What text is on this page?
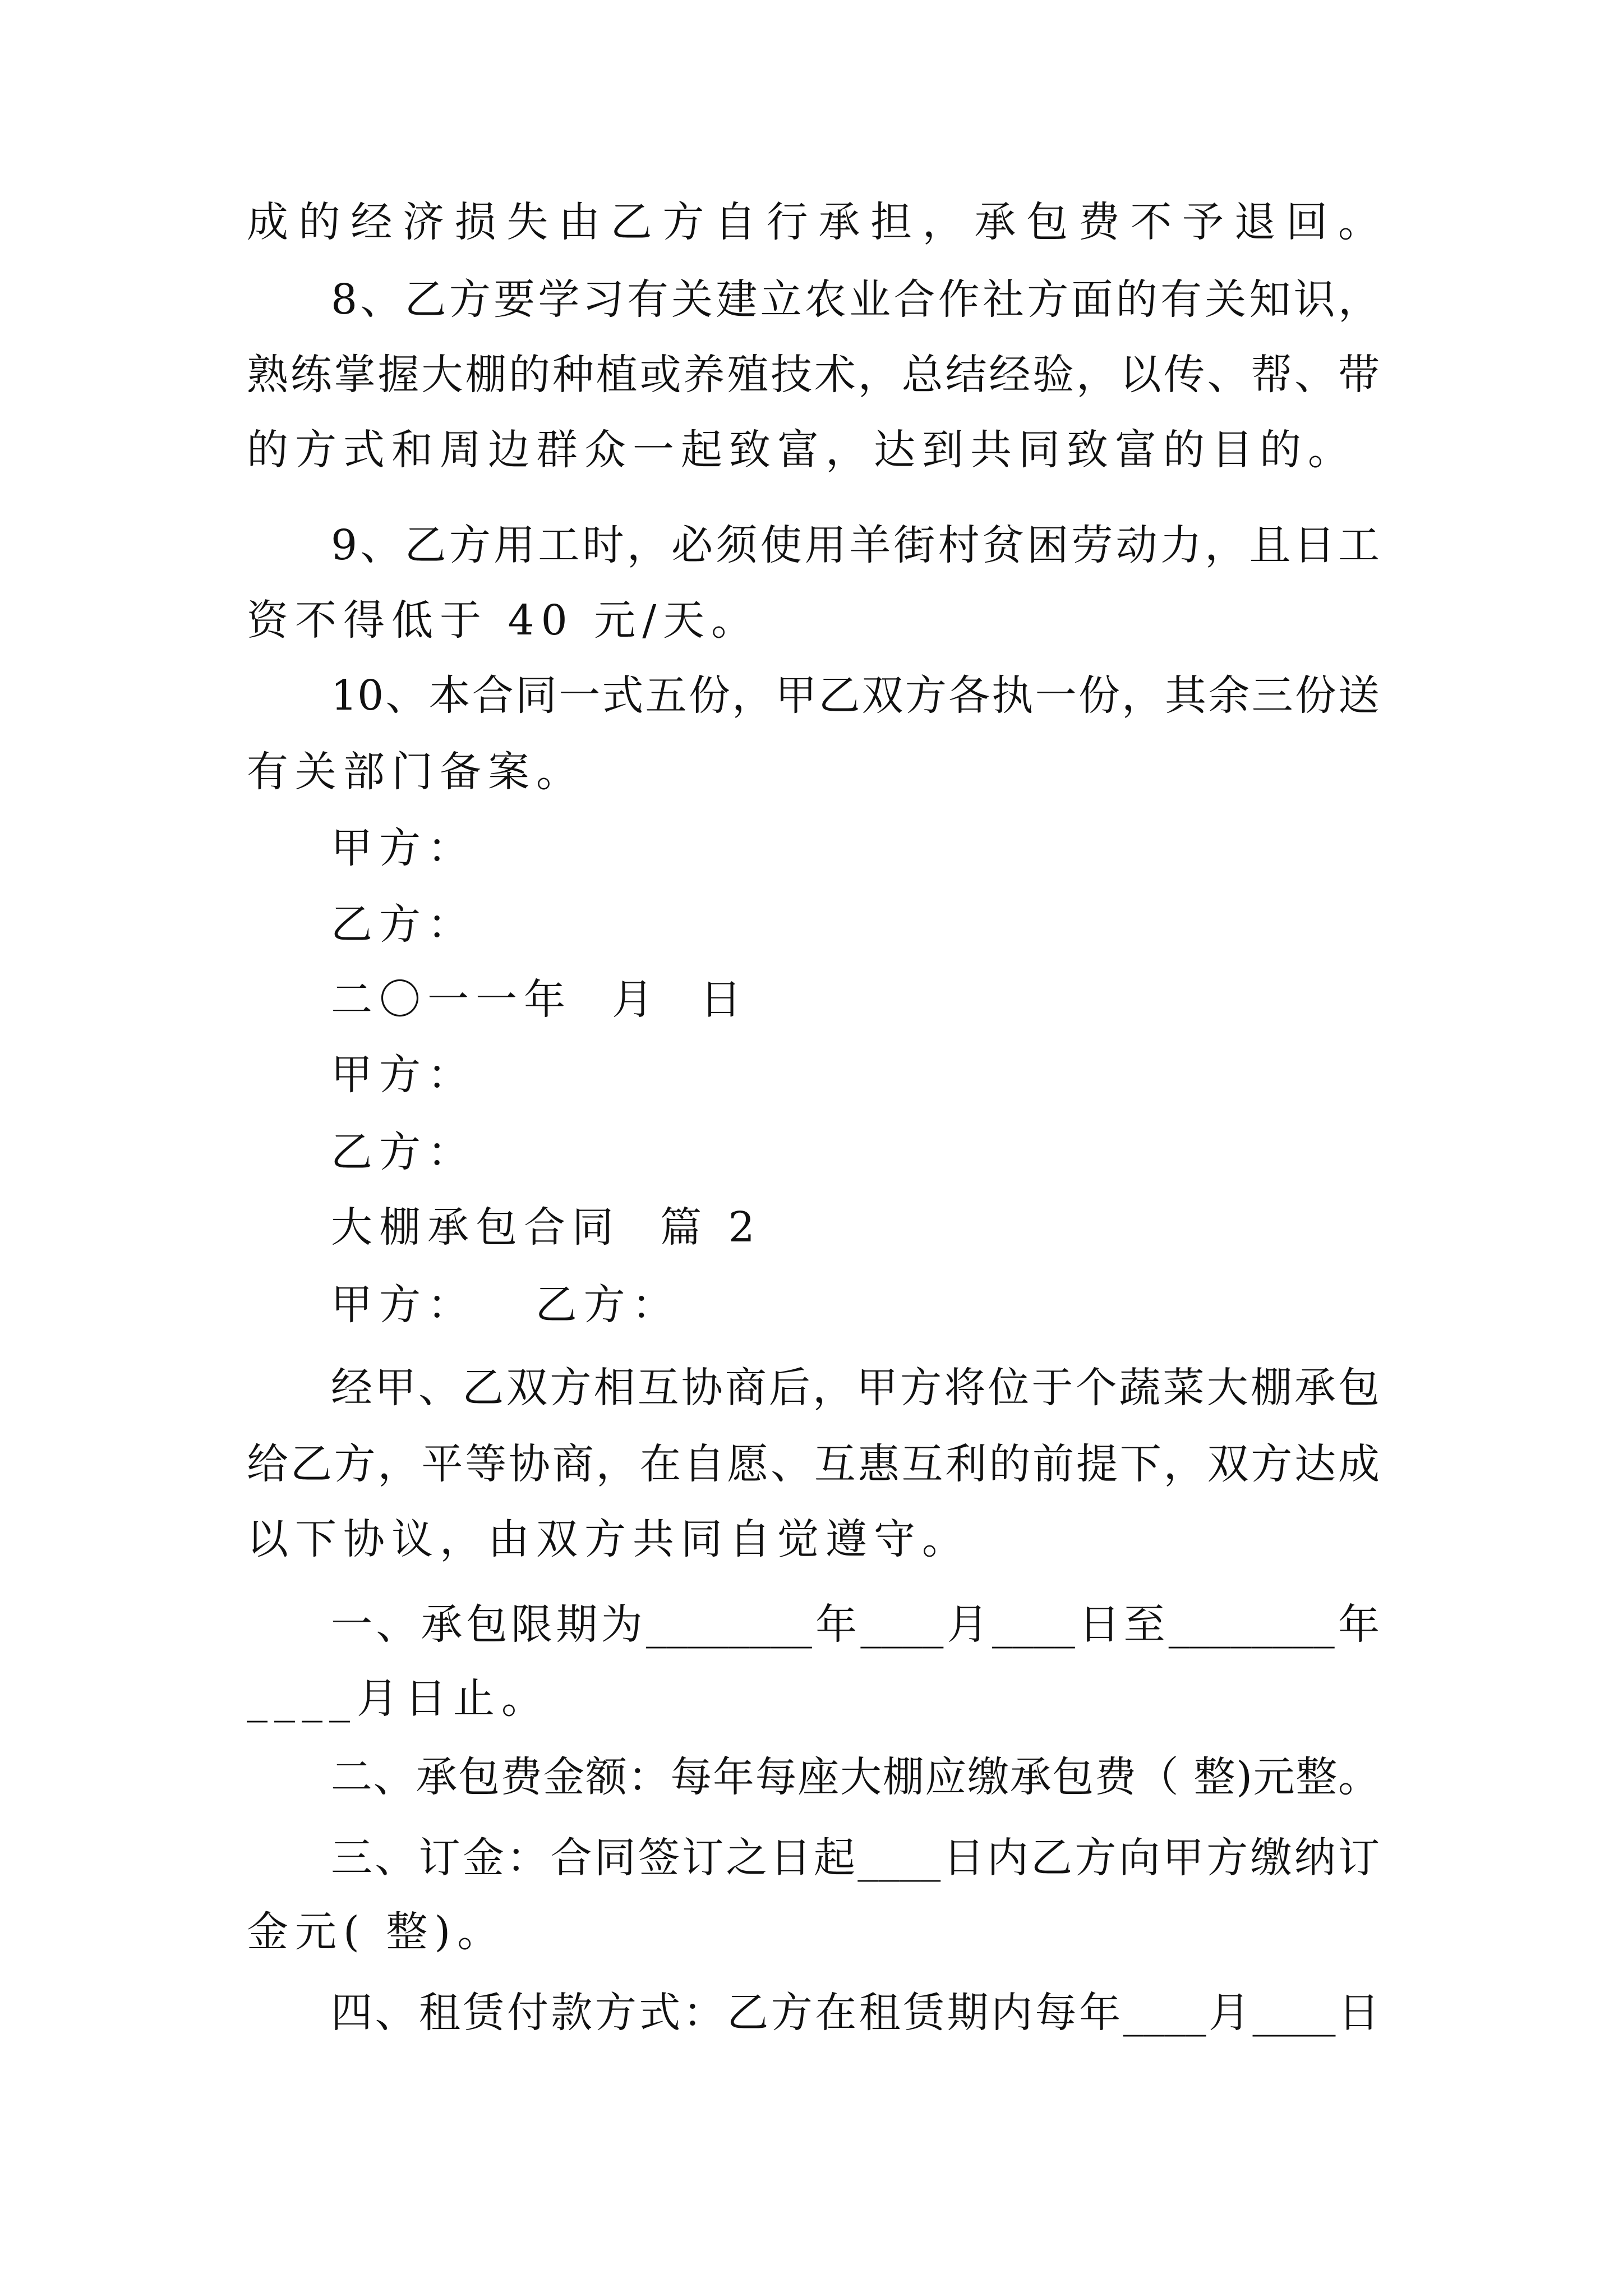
成的经济损失由乙方自行承担，承包费不予退回。
8、乙方要学习有关建立农业合作社方面的有关知识，
熟练掌握大棚的种植或养殖技术，总结经验，以传、帮、带
的方式和周边群众一起致富，达到共同致富的目的。
9、乙方用工时，必须使用羊街村贫困劳动力，且日工
资不得低于 40 元/天。
10、本合同一式五份，甲乙双方各执一份，其余三份送
有关部门备案。
甲方：
乙方：
二〇一一年  月  日
甲方：
乙方：
大棚承包合同  篇 2
甲方：   乙方：
经甲、乙双方相互协商后，甲方将位于个蔬菜大棚承包
给乙方，平等协商，在自愿、互惠互利的前提下，双方达成
以下协议，由双方共同自觉遵守。
一、承包限期为________年____月____日至________年
____月日止。
二、承包费金额：每年每座大棚应缴承包费（ 整)元整。
三、订金：合同签订之日起____日内乙方向甲方缴纳订
金元( 整)。
四、租赁付款方式：乙方在租赁期内每年____月____日
